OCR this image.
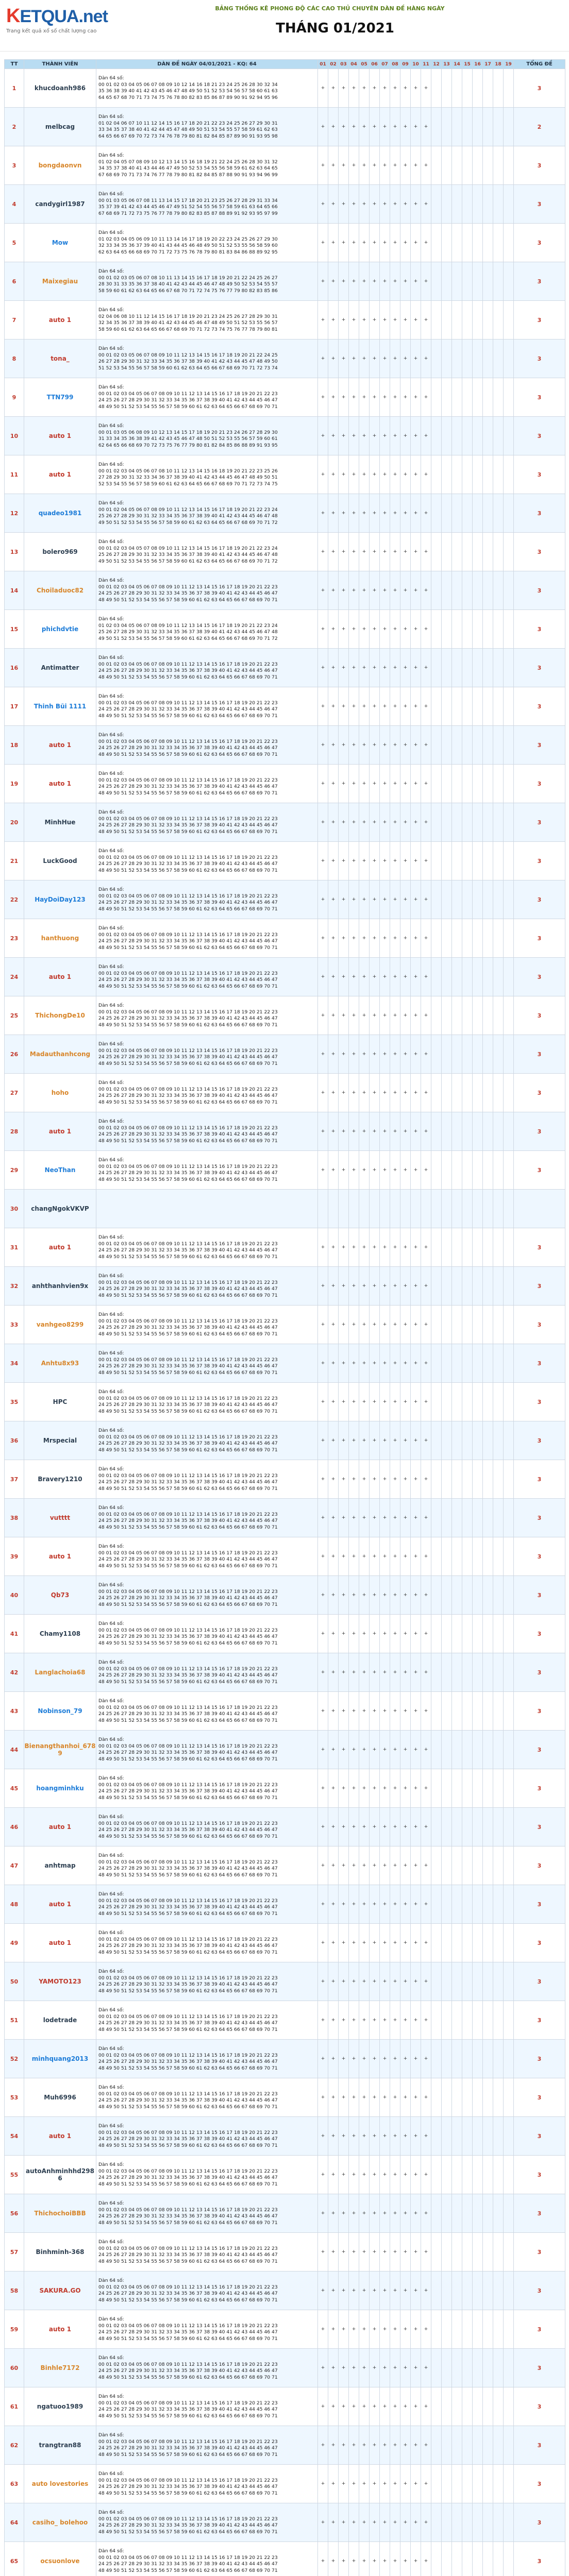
KETQUA.net
Trang kết quả xổ số chất lượng cao
BẢNG THỐNG KÊ PHONG ĐỘ CÁC CAO THỦ CHUYÊN DÀN ĐỀ HÀNG NGÀY
THÁNG 01/2021
TT	THÀNH VIÊN	DÀN ĐỀ NGÀY 04/01/2021 - KQ: 64	01	02	03	04	05	06	07	08	09	10	11	12	13	14	15	16	17	18	19	TỔNG ĐỀ
1	khucdoanh986	Dàn 64 số:
00 01 02 03 04 05 06 07 08 09 10 12 14 16 18 21 23 24 25 26 28 30 32 34
35 36 38 39 40 41 42 43 45 46 47 48 49 50 51 52 53 54 56 57 58 60 61 63
64 65 67 68 70 71 73 74 75 76 78 80 82 83 85 86 87 89 90 91 92 94 95 96	+	+	+	+	+	+	+	+	+	+	+									3
2	melbcag	Dàn 64 số:
01 02 04 06 07 10 11 12 14 15 16 17 18 20 21 22 23 24 25 26 27 29 30 31
33 34 35 37 38 40 41 42 44 45 47 48 49 50 51 53 54 55 57 58 59 61 62 63
64 65 66 67 69 70 72 73 74 76 78 79 80 81 82 84 85 87 89 90 91 93 95 98	+	+	+	+	+	+	+	+	+	+	+									2
3	bongdaonvn	Dàn 64 số:
01 02 04 05 07 08 09 10 12 13 14 15 16 18 19 21 22 24 25 26 28 30 31 32
34 35 37 38 40 41 43 44 46 47 49 50 52 53 54 55 56 58 59 61 62 63 64 65
67 68 69 70 71 73 74 76 77 78 79 80 81 82 84 85 87 88 90 91 93 94 96 99	+	+	+	+	+	+	+	+	+	+	+									3
4	candygirl1987	Dàn 64 số:
00 01 03 05 06 07 08 11 13 14 15 17 18 20 21 23 25 26 27 28 29 31 33 34
35 37 39 41 42 43 44 45 46 47 49 51 52 54 55 56 57 58 59 61 63 64 65 66
67 68 69 71 72 73 75 76 77 78 79 80 82 83 85 87 88 89 91 92 93 95 97 99	+	+	+	+	+	+	+	+	+	+	+									3
5	Mow	Dàn 64 số:
01 02 03 04 05 06 09 10 11 13 14 16 17 18 19 20 22 23 24 25 26 27 29 30
32 33 34 35 36 37 39 40 41 43 44 45 46 48 49 50 51 52 53 55 56 58 59 60
62 63 64 65 66 68 69 70 71 72 73 75 76 78 79 80 81 83 84 86 88 89 92 95	+	+	+	+	+	+	+	+	+	+	+									3
6	Maixegiau	Dàn 64 số:
00 01 02 03 05 06 07 08 10 11 13 14 15 16 17 18 19 20 21 22 24 25 26 27
28 30 31 33 35 36 37 38 40 41 42 43 44 45 46 47 48 49 50 52 53 54 55 57
58 59 60 61 62 63 64 65 66 67 68 70 71 72 74 75 76 77 79 80 82 83 85 86	+	+	+	+	+	+	+	+	+	+	+									3
7	auto 1	Dàn 64 số:
02 04 06 08 10 11 12 14 15 16 17 18 19 20 21 23 24 25 26 27 28 29 30 31
32 34 35 36 37 38 39 40 41 42 43 44 45 46 47 48 49 50 51 52 53 55 56 57
58 59 60 61 62 63 64 65 66 67 68 69 70 71 72 73 74 75 76 77 78 79 80 81	+	+	+	+	+	+	+	+	+	+	+									3
8	tona_	Dàn 64 số:
00 01 02 03 05 06 07 08 09 10 11 12 13 14 15 16 17 18 19 20 21 22 24 25
26 27 28 29 30 31 32 33 34 35 36 37 38 39 40 41 42 43 44 45 47 48 49 50
51 52 53 54 55 56 57 58 59 60 61 62 63 64 65 66 67 68 69 70 71 72 73 74	+	+	+	+	+	+	+	+	+	+	+									3
9	TTN799	Dàn 64 số:
00 01 02 03 04 05 06 07 08 09 10 11 12 13 14 15 16 17 18 19 20 21 22 23
24 25 26 27 28 29 30 31 32 33 34 35 36 37 38 39 40 41 42 43 44 45 46 47
48 49 50 51 52 53 54 55 56 57 58 59 60 61 62 63 64 65 66 67 68 69 70 71	+	+	+	+	+	+	+	+	+	+	+									3
10	auto 1	Dàn 64 số:
00 01 03 05 06 08 09 10 12 13 14 15 17 18 19 20 21 23 24 26 27 28 29 30
31 33 34 35 36 38 39 41 42 43 45 46 47 48 50 51 52 53 55 56 57 59 60 61
62 64 65 66 68 69 70 72 73 75 76 77 79 80 81 82 84 85 86 88 89 91 93 95	+	+	+	+	+	+	+	+	+	+	+									3
11	auto 1	Dàn 64 số:
00 01 02 03 04 05 06 07 08 10 11 12 13 14 15 16 18 19 20 21 22 23 25 26
27 28 29 30 31 32 33 34 36 37 38 39 40 41 42 43 44 45 46 47 48 49 50 51
52 53 54 55 56 57 58 59 60 61 62 63 64 65 66 67 68 69 70 71 72 73 74 75	+	+	+	+	+	+	+	+	+	+	+									3
12	quadeo1981	Dàn 64 số:
00 01 02 04 05 06 07 08 09 10 11 12 13 14 15 16 17 18 19 20 21 22 23 24
25 26 27 28 29 30 31 32 33 34 35 36 37 38 39 40 41 42 43 44 45 46 47 48
49 50 51 52 53 54 55 56 57 58 59 60 61 62 63 64 65 66 67 68 69 70 71 72	+	+	+	+	+	+	+	+	+	+	+									3
13	bolero969	Dàn 64 số:
00 01 02 03 04 05 07 08 09 10 11 12 13 14 15 16 17 18 19 20 21 22 23 24
25 26 27 28 29 30 31 32 33 34 35 36 37 38 39 40 41 42 43 44 45 46 47 48
49 50 51 52 53 54 55 56 57 58 59 60 61 62 63 64 65 66 67 68 69 70 71 72	+	+	+	+	+	+	+	+	+	+	+									3
14	Choiladuoc82	Dàn 64 số:
00 01 02 03 04 05 06 07 08 09 10 11 12 13 14 15 16 17 18 19 20 21 22 23
24 25 26 27 28 29 30 31 32 33 34 35 36 37 38 39 40 41 42 43 44 45 46 47
48 49 50 51 52 53 54 55 56 57 58 59 60 61 62 63 64 65 66 67 68 69 70 71	+	+	+	+	+	+	+	+	+	+	+									3
15	phichdvtie	Dàn 64 số:
01 02 03 04 05 06 07 08 09 10 11 12 13 14 15 16 17 18 19 20 21 22 23 24
25 26 27 28 29 30 31 32 33 34 35 36 37 38 39 40 41 42 43 44 45 46 47 48
49 50 51 52 53 54 55 56 57 58 59 60 61 62 63 64 65 66 67 68 69 70 71 72	+	+	+	+	+	+	+	+	+	+	+									3
16	Antimatter	Dàn 64 số:
00 01 02 03 04 05 06 07 08 09 10 11 12 13 14 15 16 17 18 19 20 21 22 23
24 25 26 27 28 29 30 31 32 33 34 35 36 37 38 39 40 41 42 43 44 45 46 47
48 49 50 51 52 53 54 55 56 57 58 59 60 61 62 63 64 65 66 67 68 69 70 71	+	+	+	+	+	+	+	+	+	+	+									3
17	Thinh Bũi 1111	Dàn 64 số:
00 01 02 03 04 05 06 07 08 09 10 11 12 13 14 15 16 17 18 19 20 21 22 23
24 25 26 27 28 29 30 31 32 33 34 35 36 37 38 39 40 41 42 43 44 45 46 47
48 49 50 51 52 53 54 55 56 57 58 59 60 61 62 63 64 65 66 67 68 69 70 71	+	+	+	+	+	+	+	+	+	+	+									3
18	auto 1	Dàn 64 số:
00 01 02 03 04 05 06 07 08 09 10 11 12 13 14 15 16 17 18 19 20 21 22 23
24 25 26 27 28 29 30 31 32 33 34 35 36 37 38 39 40 41 42 43 44 45 46 47
48 49 50 51 52 53 54 55 56 57 58 59 60 61 62 63 64 65 66 67 68 69 70 71	+	+	+	+	+	+	+	+	+	+	+									3
19	auto 1	Dàn 64 số:
00 01 02 03 04 05 06 07 08 09 10 11 12 13 14 15 16 17 18 19 20 21 22 23
24 25 26 27 28 29 30 31 32 33 34 35 36 37 38 39 40 41 42 43 44 45 46 47
48 49 50 51 52 53 54 55 56 57 58 59 60 61 62 63 64 65 66 67 68 69 70 71	+	+	+	+	+	+	+	+	+	+	+									3
20	MinhHue	Dàn 64 số:
00 01 02 03 04 05 06 07 08 09 10 11 12 13 14 15 16 17 18 19 20 21 22 23
24 25 26 27 28 29 30 31 32 33 34 35 36 37 38 39 40 41 42 43 44 45 46 47
48 49 50 51 52 53 54 55 56 57 58 59 60 61 62 63 64 65 66 67 68 69 70 71	+	+	+	+	+	+	+	+	+	+	+									3
21	LuckGood	Dàn 64 số:
00 01 02 03 04 05 06 07 08 09 10 11 12 13 14 15 16 17 18 19 20 21 22 23
24 25 26 27 28 29 30 31 32 33 34 35 36 37 38 39 40 41 42 43 44 45 46 47
48 49 50 51 52 53 54 55 56 57 58 59 60 61 62 63 64 65 66 67 68 69 70 71	+	+	+	+	+	+	+	+	+	+	+									3
22	HayDoiDay123	Dàn 64 số:
00 01 02 03 04 05 06 07 08 09 10 11 12 13 14 15 16 17 18 19 20 21 22 23
24 25 26 27 28 29 30 31 32 33 34 35 36 37 38 39 40 41 42 43 44 45 46 47
48 49 50 51 52 53 54 55 56 57 58 59 60 61 62 63 64 65 66 67 68 69 70 71	+	+	+	+	+	+	+	+	+	+	+									3
23	hanthuong	Dàn 64 số:
00 01 02 03 04 05 06 07 08 09 10 11 12 13 14 15 16 17 18 19 20 21 22 23
24 25 26 27 28 29 30 31 32 33 34 35 36 37 38 39 40 41 42 43 44 45 46 47
48 49 50 51 52 53 54 55 56 57 58 59 60 61 62 63 64 65 66 67 68 69 70 71	+	+	+	+	+	+	+	+	+	+	+									3
24	auto 1	Dàn 64 số:
00 01 02 03 04 05 06 07 08 09 10 11 12 13 14 15 16 17 18 19 20 21 22 23
24 25 26 27 28 29 30 31 32 33 34 35 36 37 38 39 40 41 42 43 44 45 46 47
48 49 50 51 52 53 54 55 56 57 58 59 60 61 62 63 64 65 66 67 68 69 70 71	+	+	+	+	+	+	+	+	+	+	+									3
25	ThichongDe10	Dàn 64 số:
00 01 02 03 04 05 06 07 08 09 10 11 12 13 14 15 16 17 18 19 20 21 22 23
24 25 26 27 28 29 30 31 32 33 34 35 36 37 38 39 40 41 42 43 44 45 46 47
48 49 50 51 52 53 54 55 56 57 58 59 60 61 62 63 64 65 66 67 68 69 70 71	+	+	+	+	+	+	+	+	+	+	+									3
26	Madauthanhcong	Dàn 64 số:
00 01 02 03 04 05 06 07 08 09 10 11 12 13 14 15 16 17 18 19 20 21 22 23
24 25 26 27 28 29 30 31 32 33 34 35 36 37 38 39 40 41 42 43 44 45 46 47
48 49 50 51 52 53 54 55 56 57 58 59 60 61 62 63 64 65 66 67 68 69 70 71	+	+	+	+	+	+	+	+	+	+	+									3
27	hoho	Dàn 64 số:
00 01 02 03 04 05 06 07 08 09 10 11 12 13 14 15 16 17 18 19 20 21 22 23
24 25 26 27 28 29 30 31 32 33 34 35 36 37 38 39 40 41 42 43 44 45 46 47
48 49 50 51 52 53 54 55 56 57 58 59 60 61 62 63 64 65 66 67 68 69 70 71	+	+	+	+	+	+	+	+	+	+	+									3
28	auto 1	Dàn 64 số:
00 01 02 03 04 05 06 07 08 09 10 11 12 13 14 15 16 17 18 19 20 21 22 23
24 25 26 27 28 29 30 31 32 33 34 35 36 37 38 39 40 41 42 43 44 45 46 47
48 49 50 51 52 53 54 55 56 57 58 59 60 61 62 63 64 65 66 67 68 69 70 71	+	+	+	+	+	+	+	+	+	+	+									3
29	NeoThan	Dàn 64 số:
00 01 02 03 04 05 06 07 08 09 10 11 12 13 14 15 16 17 18 19 20 21 22 23
24 25 26 27 28 29 30 31 32 33 34 35 36 37 38 39 40 41 42 43 44 45 46 47
48 49 50 51 52 53 54 55 56 57 58 59 60 61 62 63 64 65 66 67 68 69 70 71	+	+	+	+	+	+	+	+	+	+	+									3
30	changNgokVKVP																					
31	auto 1	Dàn 64 số:
00 01 02 03 04 05 06 07 08 09 10 11 12 13 14 15 16 17 18 19 20 21 22 23
24 25 26 27 28 29 30 31 32 33 34 35 36 37 38 39 40 41 42 43 44 45 46 47
48 49 50 51 52 53 54 55 56 57 58 59 60 61 62 63 64 65 66 67 68 69 70 71	+	+	+	+	+	+	+	+	+	+	+									3
32	anhthanhvien9x	Dàn 64 số:
00 01 02 03 04 05 06 07 08 09 10 11 12 13 14 15 16 17 18 19 20 21 22 23
24 25 26 27 28 29 30 31 32 33 34 35 36 37 38 39 40 41 42 43 44 45 46 47
48 49 50 51 52 53 54 55 56 57 58 59 60 61 62 63 64 65 66 67 68 69 70 71	+	+	+	+	+	+	+	+	+	+	+									3
33	vanhgeo8299	Dàn 64 số:
00 01 02 03 04 05 06 07 08 09 10 11 12 13 14 15 16 17 18 19 20 21 22 23
24 25 26 27 28 29 30 31 32 33 34 35 36 37 38 39 40 41 42 43 44 45 46 47
48 49 50 51 52 53 54 55 56 57 58 59 60 61 62 63 64 65 66 67 68 69 70 71	+	+	+	+	+	+	+	+	+	+	+									3
34	Anhtu8x93	Dàn 64 số:
00 01 02 03 04 05 06 07 08 09 10 11 12 13 14 15 16 17 18 19 20 21 22 23
24 25 26 27 28 29 30 31 32 33 34 35 36 37 38 39 40 41 42 43 44 45 46 47
48 49 50 51 52 53 54 55 56 57 58 59 60 61 62 63 64 65 66 67 68 69 70 71	+	+	+	+	+	+	+	+	+	+	+									3
35	HPC	Dàn 64 số:
00 01 02 03 04 05 06 07 08 09 10 11 12 13 14 15 16 17 18 19 20 21 22 23
24 25 26 27 28 29 30 31 32 33 34 35 36 37 38 39 40 41 42 43 44 45 46 47
48 49 50 51 52 53 54 55 56 57 58 59 60 61 62 63 64 65 66 67 68 69 70 71	+	+	+	+	+	+	+	+	+	+	+									3
36	Mrspecial	Dàn 64 số:
00 01 02 03 04 05 06 07 08 09 10 11 12 13 14 15 16 17 18 19 20 21 22 23
24 25 26 27 28 29 30 31 32 33 34 35 36 37 38 39 40 41 42 43 44 45 46 47
48 49 50 51 52 53 54 55 56 57 58 59 60 61 62 63 64 65 66 67 68 69 70 71	+	+	+	+	+	+	+	+	+	+	+									3
37	Bravery1210	Dàn 64 số:
00 01 02 03 04 05 06 07 08 09 10 11 12 13 14 15 16 17 18 19 20 21 22 23
24 25 26 27 28 29 30 31 32 33 34 35 36 37 38 39 40 41 42 43 44 45 46 47
48 49 50 51 52 53 54 55 56 57 58 59 60 61 62 63 64 65 66 67 68 69 70 71	+	+	+	+	+	+	+	+	+	+	+									3
38	vutttt	Dàn 64 số:
00 01 02 03 04 05 06 07 08 09 10 11 12 13 14 15 16 17 18 19 20 21 22 23
24 25 26 27 28 29 30 31 32 33 34 35 36 37 38 39 40 41 42 43 44 45 46 47
48 49 50 51 52 53 54 55 56 57 58 59 60 61 62 63 64 65 66 67 68 69 70 71	+	+	+	+	+	+	+	+	+	+	+									3
39	auto 1	Dàn 64 số:
00 01 02 03 04 05 06 07 08 09 10 11 12 13 14 15 16 17 18 19 20 21 22 23
24 25 26 27 28 29 30 31 32 33 34 35 36 37 38 39 40 41 42 43 44 45 46 47
48 49 50 51 52 53 54 55 56 57 58 59 60 61 62 63 64 65 66 67 68 69 70 71	+	+	+	+	+	+	+	+	+	+	+									3
40	Qb73	Dàn 64 số:
00 01 02 03 04 05 06 07 08 09 10 11 12 13 14 15 16 17 18 19 20 21 22 23
24 25 26 27 28 29 30 31 32 33 34 35 36 37 38 39 40 41 42 43 44 45 46 47
48 49 50 51 52 53 54 55 56 57 58 59 60 61 62 63 64 65 66 67 68 69 70 71	+	+	+	+	+	+	+	+	+	+	+									3
41	Chamy1108	Dàn 64 số:
00 01 02 03 04 05 06 07 08 09 10 11 12 13 14 15 16 17 18 19 20 21 22 23
24 25 26 27 28 29 30 31 32 33 34 35 36 37 38 39 40 41 42 43 44 45 46 47
48 49 50 51 52 53 54 55 56 57 58 59 60 61 62 63 64 65 66 67 68 69 70 71	+	+	+	+	+	+	+	+	+	+	+									3
42	Langlachoia68	Dàn 64 số:
00 01 02 03 04 05 06 07 08 09 10 11 12 13 14 15 16 17 18 19 20 21 22 23
24 25 26 27 28 29 30 31 32 33 34 35 36 37 38 39 40 41 42 43 44 45 46 47
48 49 50 51 52 53 54 55 56 57 58 59 60 61 62 63 64 65 66 67 68 69 70 71	+	+	+	+	+	+	+	+	+	+	+									3
43	Nobinson_79	Dàn 64 số:
00 01 02 03 04 05 06 07 08 09 10 11 12 13 14 15 16 17 18 19 20 21 22 23
24 25 26 27 28 29 30 31 32 33 34 35 36 37 38 39 40 41 42 43 44 45 46 47
48 49 50 51 52 53 54 55 56 57 58 59 60 61 62 63 64 65 66 67 68 69 70 71	+	+	+	+	+	+	+	+	+	+	+									3
44	Bienangthanhoi_6789	Dàn 64 số:
00 01 02 03 04 05 06 07 08 09 10 11 12 13 14 15 16 17 18 19 20 21 22 23
24 25 26 27 28 29 30 31 32 33 34 35 36 37 38 39 40 41 42 43 44 45 46 47
48 49 50 51 52 53 54 55 56 57 58 59 60 61 62 63 64 65 66 67 68 69 70 71	+	+	+	+	+	+	+	+	+	+	+									3
45	hoangminhku	Dàn 64 số:
00 01 02 03 04 05 06 07 08 09 10 11 12 13 14 15 16 17 18 19 20 21 22 23
24 25 26 27 28 29 30 31 32 33 34 35 36 37 38 39 40 41 42 43 44 45 46 47
48 49 50 51 52 53 54 55 56 57 58 59 60 61 62 63 64 65 66 67 68 69 70 71	+	+	+	+	+	+	+	+	+	+	+									3
46	auto 1	Dàn 64 số:
00 01 02 03 04 05 06 07 08 09 10 11 12 13 14 15 16 17 18 19 20 21 22 23
24 25 26 27 28 29 30 31 32 33 34 35 36 37 38 39 40 41 42 43 44 45 46 47
48 49 50 51 52 53 54 55 56 57 58 59 60 61 62 63 64 65 66 67 68 69 70 71	+	+	+	+	+	+	+	+	+	+	+									3
47	anhtmap	Dàn 64 số:
00 01 02 03 04 05 06 07 08 09 10 11 12 13 14 15 16 17 18 19 20 21 22 23
24 25 26 27 28 29 30 31 32 33 34 35 36 37 38 39 40 41 42 43 44 45 46 47
48 49 50 51 52 53 54 55 56 57 58 59 60 61 62 63 64 65 66 67 68 69 70 71	+	+	+	+	+	+	+	+	+	+	+									3
48	auto 1	Dàn 64 số:
00 01 02 03 04 05 06 07 08 09 10 11 12 13 14 15 16 17 18 19 20 21 22 23
24 25 26 27 28 29 30 31 32 33 34 35 36 37 38 39 40 41 42 43 44 45 46 47
48 49 50 51 52 53 54 55 56 57 58 59 60 61 62 63 64 65 66 67 68 69 70 71	+	+	+	+	+	+	+	+	+	+	+									3
49	auto 1	Dàn 64 số:
00 01 02 03 04 05 06 07 08 09 10 11 12 13 14 15 16 17 18 19 20 21 22 23
24 25 26 27 28 29 30 31 32 33 34 35 36 37 38 39 40 41 42 43 44 45 46 47
48 49 50 51 52 53 54 55 56 57 58 59 60 61 62 63 64 65 66 67 68 69 70 71	+	+	+	+	+	+	+	+	+	+	+									3
50	YAMOTO123	Dàn 64 số:
00 01 02 03 04 05 06 07 08 09 10 11 12 13 14 15 16 17 18 19 20 21 22 23
24 25 26 27 28 29 30 31 32 33 34 35 36 37 38 39 40 41 42 43 44 45 46 47
48 49 50 51 52 53 54 55 56 57 58 59 60 61 62 63 64 65 66 67 68 69 70 71	+	+	+	+	+	+	+	+	+	+	+									3
51	lodetrade	Dàn 64 số:
00 01 02 03 04 05 06 07 08 09 10 11 12 13 14 15 16 17 18 19 20 21 22 23
24 25 26 27 28 29 30 31 32 33 34 35 36 37 38 39 40 41 42 43 44 45 46 47
48 49 50 51 52 53 54 55 56 57 58 59 60 61 62 63 64 65 66 67 68 69 70 71	+	+	+	+	+	+	+	+	+	+	+									3
52	minhquang2013	Dàn 64 số:
00 01 02 03 04 05 06 07 08 09 10 11 12 13 14 15 16 17 18 19 20 21 22 23
24 25 26 27 28 29 30 31 32 33 34 35 36 37 38 39 40 41 42 43 44 45 46 47
48 49 50 51 52 53 54 55 56 57 58 59 60 61 62 63 64 65 66 67 68 69 70 71	+	+	+	+	+	+	+	+	+	+	+									3
53	Muh6996	Dàn 64 số:
00 01 02 03 04 05 06 07 08 09 10 11 12 13 14 15 16 17 18 19 20 21 22 23
24 25 26 27 28 29 30 31 32 33 34 35 36 37 38 39 40 41 42 43 44 45 46 47
48 49 50 51 52 53 54 55 56 57 58 59 60 61 62 63 64 65 66 67 68 69 70 71	+	+	+	+	+	+	+	+	+	+	+									3
54	auto 1	Dàn 64 số:
00 01 02 03 04 05 06 07 08 09 10 11 12 13 14 15 16 17 18 19 20 21 22 23
24 25 26 27 28 29 30 31 32 33 34 35 36 37 38 39 40 41 42 43 44 45 46 47
48 49 50 51 52 53 54 55 56 57 58 59 60 61 62 63 64 65 66 67 68 69 70 71	+	+	+	+	+	+	+	+	+	+	+									3
55	autoAnhminhhd2986	Dàn 64 số:
00 01 02 03 04 05 06 07 08 09 10 11 12 13 14 15 16 17 18 19 20 21 22 23
24 25 26 27 28 29 30 31 32 33 34 35 36 37 38 39 40 41 42 43 44 45 46 47
48 49 50 51 52 53 54 55 56 57 58 59 60 61 62 63 64 65 66 67 68 69 70 71	+	+	+	+	+	+	+	+	+	+	+									3
56	ThichochoiBBB	Dàn 64 số:
00 01 02 03 04 05 06 07 08 09 10 11 12 13 14 15 16 17 18 19 20 21 22 23
24 25 26 27 28 29 30 31 32 33 34 35 36 37 38 39 40 41 42 43 44 45 46 47
48 49 50 51 52 53 54 55 56 57 58 59 60 61 62 63 64 65 66 67 68 69 70 71	+	+	+	+	+	+	+	+	+	+	+									3
57	Binhminh-368	Dàn 64 số:
00 01 02 03 04 05 06 07 08 09 10 11 12 13 14 15 16 17 18 19 20 21 22 23
24 25 26 27 28 29 30 31 32 33 34 35 36 37 38 39 40 41 42 43 44 45 46 47
48 49 50 51 52 53 54 55 56 57 58 59 60 61 62 63 64 65 66 67 68 69 70 71	+	+	+	+	+	+	+	+	+	+	+									3
58	SAKURA.GO	Dàn 64 số:
00 01 02 03 04 05 06 07 08 09 10 11 12 13 14 15 16 17 18 19 20 21 22 23
24 25 26 27 28 29 30 31 32 33 34 35 36 37 38 39 40 41 42 43 44 45 46 47
48 49 50 51 52 53 54 55 56 57 58 59 60 61 62 63 64 65 66 67 68 69 70 71	+	+	+	+	+	+	+	+	+	+	+									3
59	auto 1	Dàn 64 số:
00 01 02 03 04 05 06 07 08 09 10 11 12 13 14 15 16 17 18 19 20 21 22 23
24 25 26 27 28 29 30 31 32 33 34 35 36 37 38 39 40 41 42 43 44 45 46 47
48 49 50 51 52 53 54 55 56 57 58 59 60 61 62 63 64 65 66 67 68 69 70 71	+	+	+	+	+	+	+	+	+	+	+									3
60	Binhle7172	Dàn 64 số:
00 01 02 03 04 05 06 07 08 09 10 11 12 13 14 15 16 17 18 19 20 21 22 23
24 25 26 27 28 29 30 31 32 33 34 35 36 37 38 39 40 41 42 43 44 45 46 47
48 49 50 51 52 53 54 55 56 57 58 59 60 61 62 63 64 65 66 67 68 69 70 71	+	+	+	+	+	+	+	+	+	+	+									3
61	ngatuoo1989	Dàn 64 số:
00 01 02 03 04 05 06 07 08 09 10 11 12 13 14 15 16 17 18 19 20 21 22 23
24 25 26 27 28 29 30 31 32 33 34 35 36 37 38 39 40 41 42 43 44 45 46 47
48 49 50 51 52 53 54 55 56 57 58 59 60 61 62 63 64 65 66 67 68 69 70 71	+	+	+	+	+	+	+	+	+	+	+									3
62	trangtran88	Dàn 64 số:
00 01 02 03 04 05 06 07 08 09 10 11 12 13 14 15 16 17 18 19 20 21 22 23
24 25 26 27 28 29 30 31 32 33 34 35 36 37 38 39 40 41 42 43 44 45 46 47
48 49 50 51 52 53 54 55 56 57 58 59 60 61 62 63 64 65 66 67 68 69 70 71	+	+	+	+	+	+	+	+	+	+	+									3
63	auto lovestories	Dàn 64 số:
00 01 02 03 04 05 06 07 08 09 10 11 12 13 14 15 16 17 18 19 20 21 22 23
24 25 26 27 28 29 30 31 32 33 34 35 36 37 38 39 40 41 42 43 44 45 46 47
48 49 50 51 52 53 54 55 56 57 58 59 60 61 62 63 64 65 66 67 68 69 70 71	+	+	+	+	+	+	+	+	+	+	+									3
64	casiho_ bolehoo	Dàn 64 số:
00 01 02 03 04 05 06 07 08 09 10 11 12 13 14 15 16 17 18 19 20 21 22 23
24 25 26 27 28 29 30 31 32 33 34 35 36 37 38 39 40 41 42 43 44 45 46 47
48 49 50 51 52 53 54 55 56 57 58 59 60 61 62 63 64 65 66 67 68 69 70 71	+	+	+	+	+	+	+	+	+	+	+									3
65	ocsuonlove	Dàn 64 số:
00 01 02 03 04 05 06 07 08 09 10 11 12 13 14 15 16 17 18 19 20 21 22 23
24 25 26 27 28 29 30 31 32 33 34 35 36 37 38 39 40 41 42 43 44 45 46 47
48 49 50 51 52 53 54 55 56 57 58 59 60 61 62 63 64 65 66 67 68 69 70 71	+	+	+	+	+	+	+	+	+	+	+									3
